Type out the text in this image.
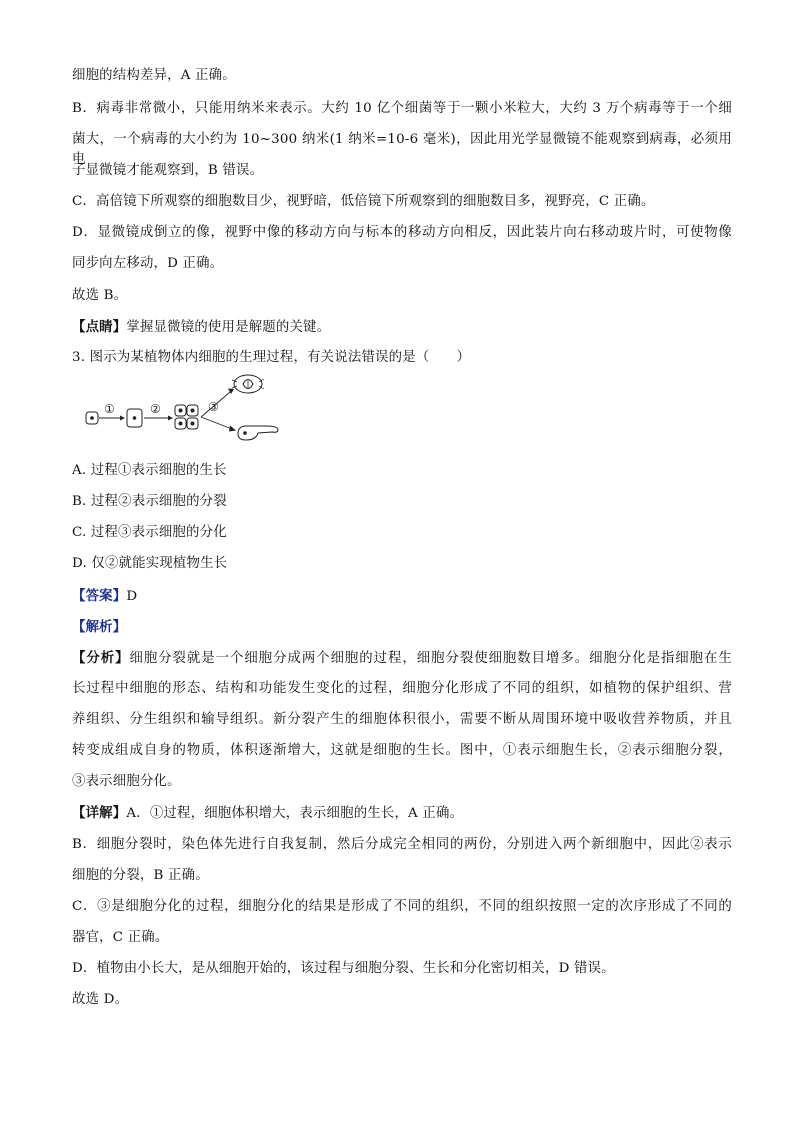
细胞的结构差异，A 正确。
B．病毒非常微小，只能用纳米来表示。大约 10 亿个细菌等于一颗小米粒大，大约 3 万个病毒等于一个细
菌大，一个病毒的大小约为 10~300 纳米(1 纳米=10-6 毫米)，因此用光学显微镜不能观察到病毒，必须用电
子显微镜才能观察到，B 错误。
C．高倍镜下所观察的细胞数目少，视野暗，低倍镜下所观察到的细胞数目多，视野亮，C 正确。
D．显微镜成倒立的像，视野中像的移动方向与标本的移动方向相反，因此装片向右移动玻片时，可使物像
同步向左移动，D 正确。
故选 B。
【点睛】掌握显微镜的使用是解题的关键。
3. 图示为某植物体内细胞的生理过程，有关说法错误的是（　　）
①	②	③
A. 过程①表示细胞的生长
B. 过程②表示细胞的分裂
C. 过程③表示细胞的分化
D. 仅②就能实现植物生长
【答案】D
【解析】
【分析】细胞分裂就是一个细胞分成两个细胞的过程，细胞分裂使细胞数目增多。细胞分化是指细胞在生
长过程中细胞的形态、结构和功能发生变化的过程，细胞分化形成了不同的组织，如植物的保护组织、营
养组织、分生组织和输导组织。新分裂产生的细胞体积很小，需要不断从周围环境中吸收营养物质，并且
转变成组成自身的物质，体积逐渐增大，这就是细胞的生长。图中，①表示细胞生长，②表示细胞分裂，
③表示细胞分化。
【详解】A．①过程，细胞体积增大，表示细胞的生长，A 正确。
B．细胞分裂时，染色体先进行自我复制，然后分成完全相同的两份，分别进入两个新细胞中，因此②表示
细胞的分裂，B 正确。
C．③是细胞分化的过程，细胞分化的结果是形成了不同的组织，不同的组织按照一定的次序形成了不同的
器官，C 正确。
D．植物由小长大，是从细胞开始的，该过程与细胞分裂、生长和分化密切相关，D 错误。
故选 D。
